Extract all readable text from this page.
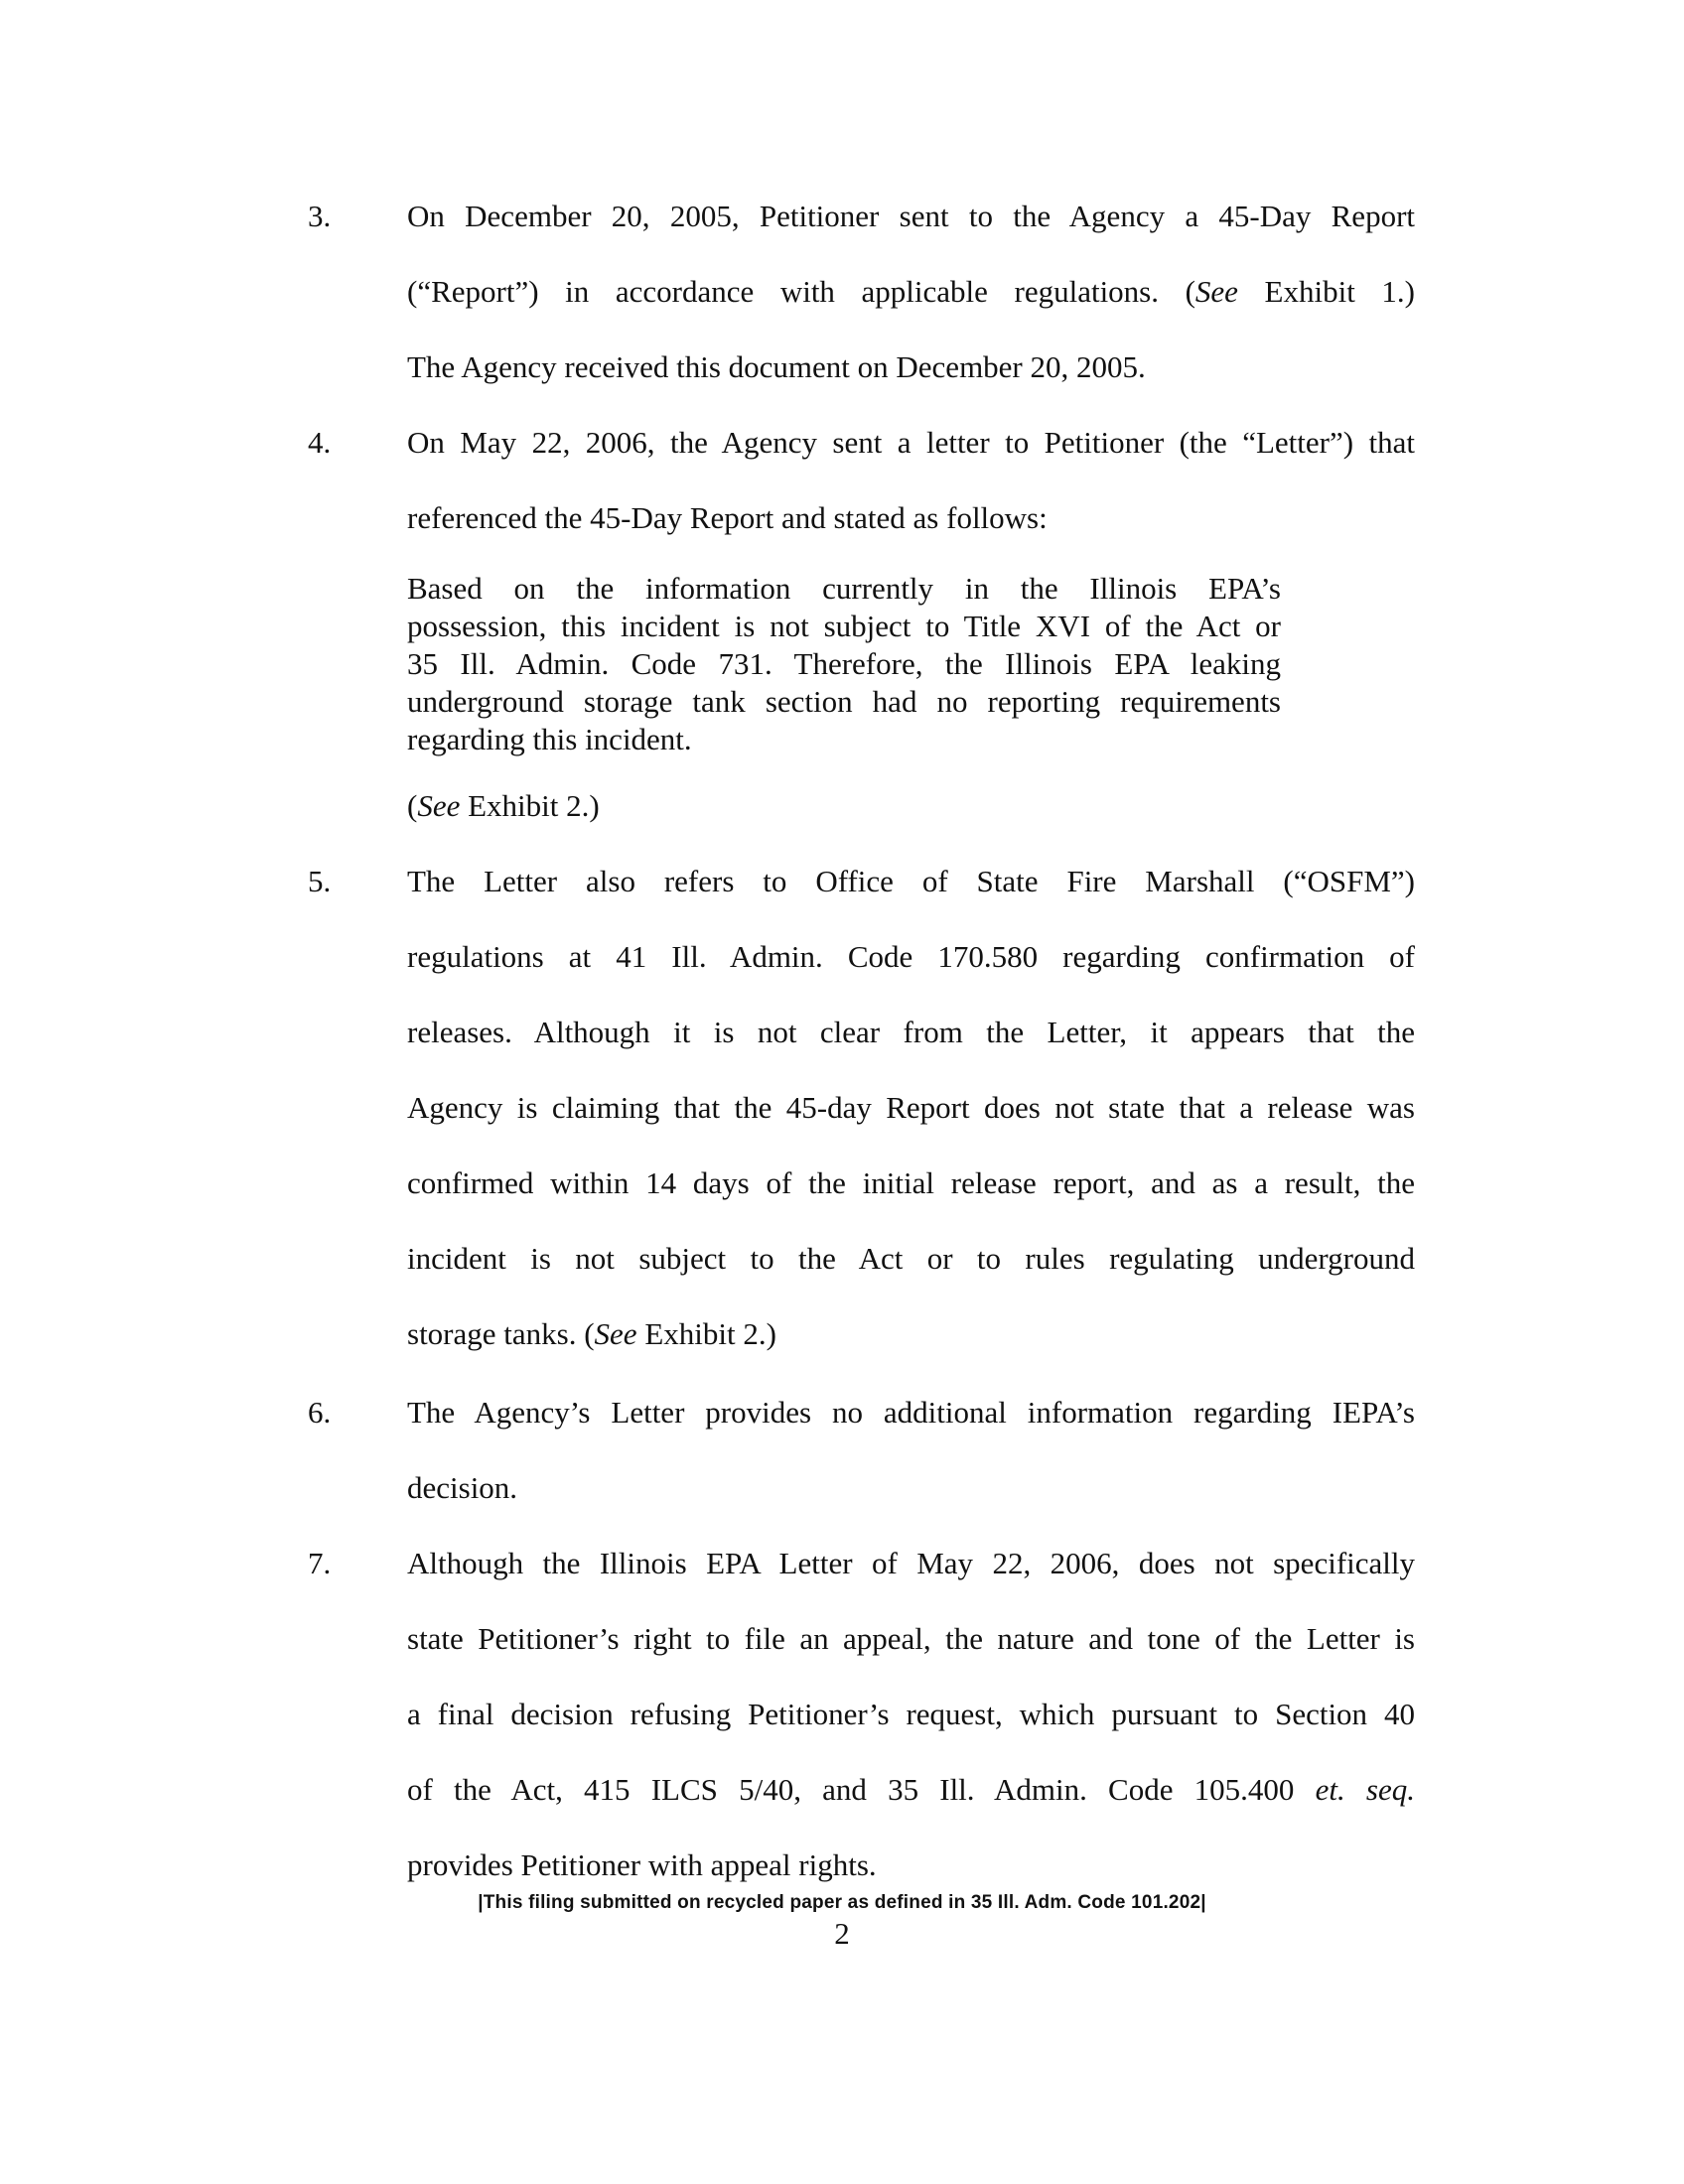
3. On December 20, 2005, Petitioner sent to the Agency a 45-Day Report
(“Report”) in accordance with applicable regulations. (See Exhibit 1.)
The Agency received this document on December 20, 2005.
4. On May 22, 2006, the Agency sent a letter to Petitioner (the “Letter”) that
referenced the 45-Day Report and stated as follows:
Based on the information currently in the Illinois EPA’s
possession, this incident is not subject to Title XVI of the Act or
35 Ill. Admin. Code 731. Therefore, the Illinois EPA leaking
underground storage tank section had no reporting requirements
regarding this incident.
(See Exhibit 2.)
5. The Letter also refers to Office of State Fire Marshall (“OSFM”)
regulations at 41 Ill. Admin. Code 170.580 regarding confirmation of
releases. Although it is not clear from the Letter, it appears that the
Agency is claiming that the 45-day Report does not state that a release was
confirmed within 14 days of the initial release report, and as a result, the
incident is not subject to the Act or to rules regulating underground
storage tanks. (See Exhibit 2.)
6. The Agency’s Letter provides no additional information regarding IEPA’s
decision.
7. Although the Illinois EPA Letter of May 22, 2006, does not specifically
state Petitioner’s right to file an appeal, the nature and tone of the Letter is
a final decision refusing Petitioner’s request, which pursuant to Section 40
of the Act, 415 ILCS 5/40, and 35 Ill. Admin. Code 105.400 et. seq.
provides Petitioner with appeal rights.
|This filing submitted on recycled paper as defined in 35 Ill. Adm. Code 101.202|
2
